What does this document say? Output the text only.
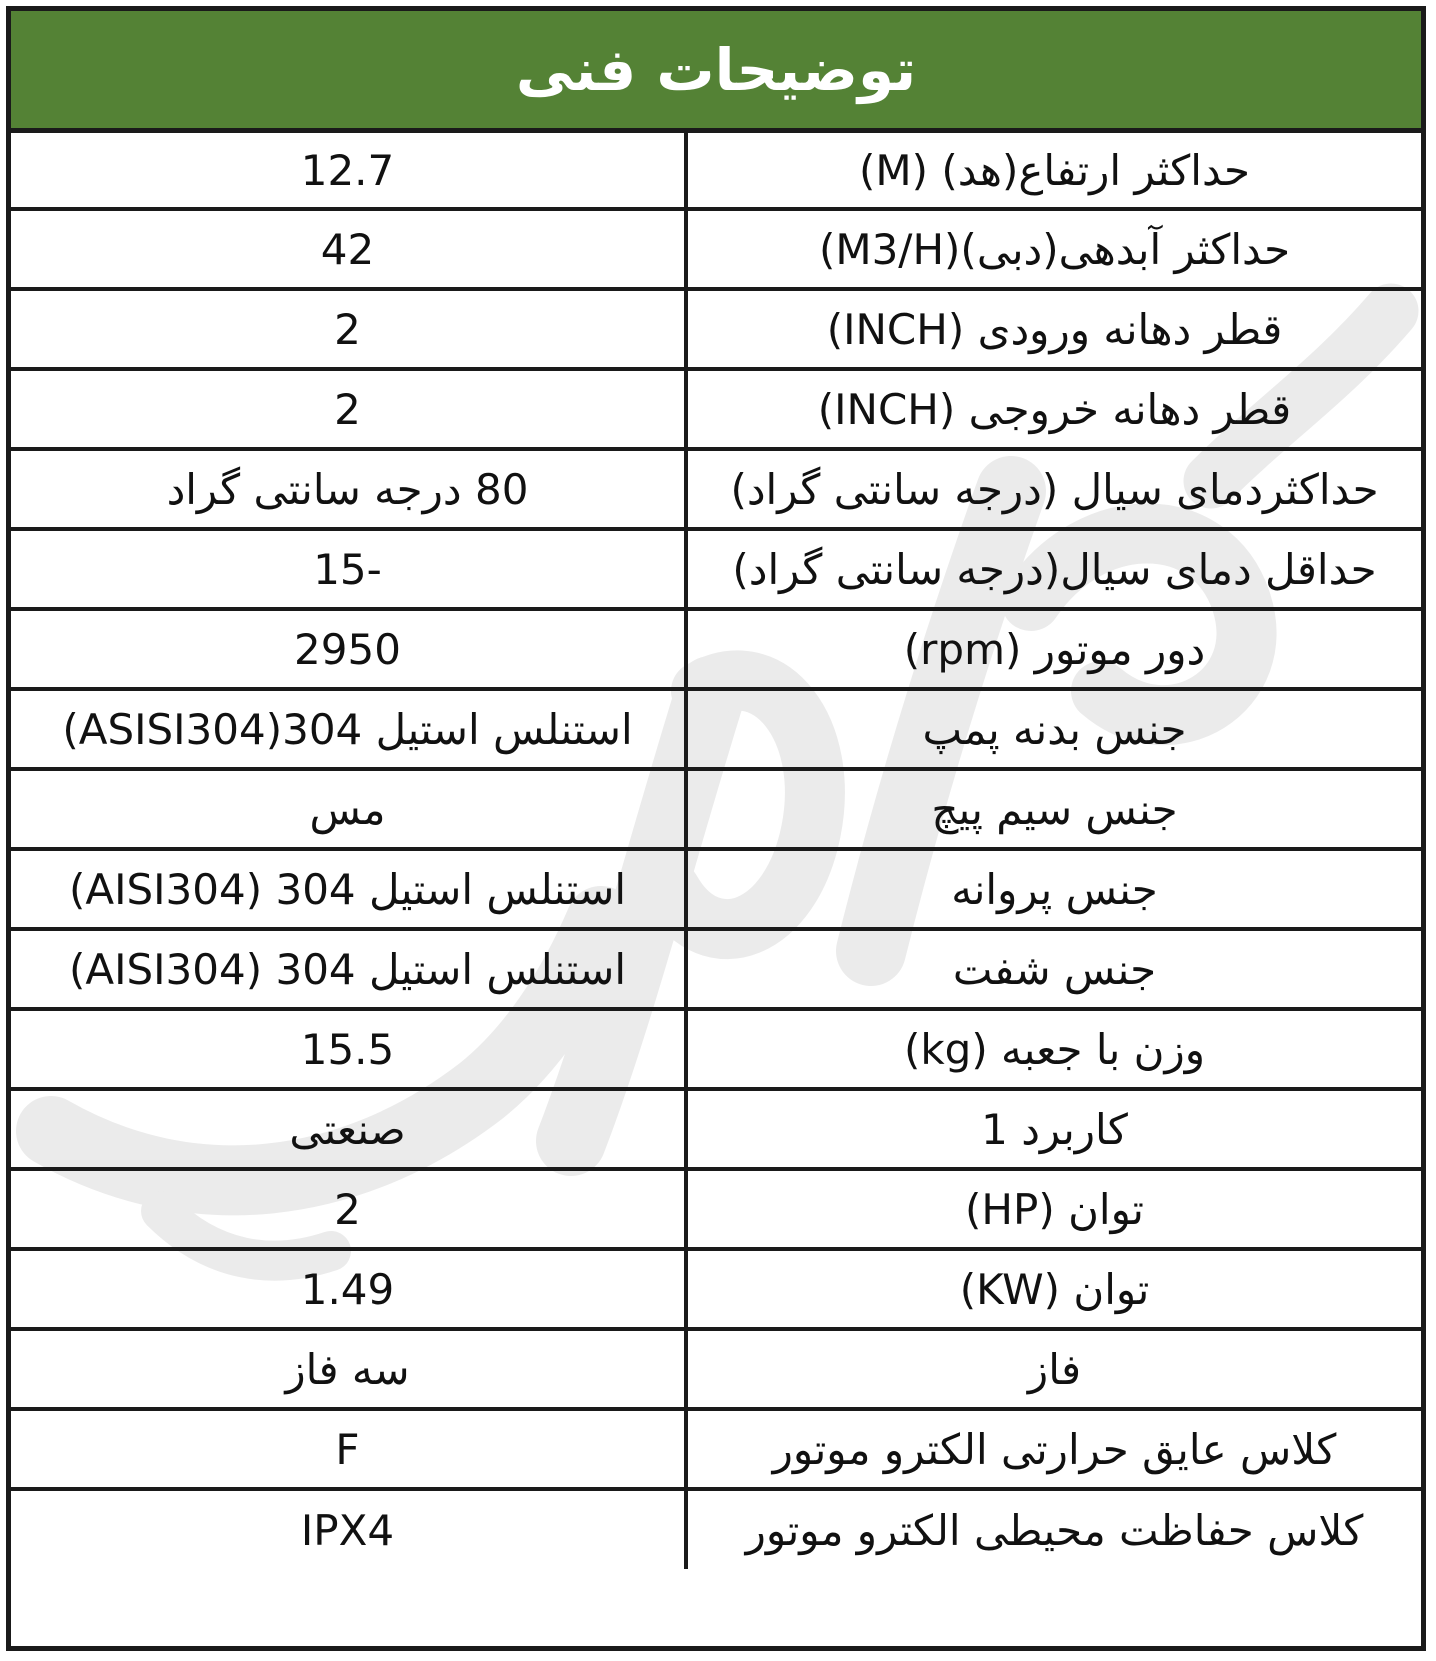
توضیحات فنی
12.7	حداکثر ارتفاع(هد) (M)
42	حداکثر آبدهی(دبی)(M3/H)
2	قطر دهانه ورودی (INCH)
2	قطر دهانه خروجی (INCH)
80 درجه سانتی گراد	حداکثردمای سیال (درجه سانتی گراد)
-15	حداقل دمای سیال(درجه سانتی گراد)
2950	دور موتور (rpm)
استنلس استیل 304(ASISI304)	جنس بدنه پمپ
مس	جنس سیم پیچ
استنلس استیل 304 (AISI304)	جنس پروانه
استنلس استیل 304 (AISI304)	جنس شفت
15.5	وزن با جعبه (kg)
صنعتی	کاربرد 1
2	توان (HP)
1.49	توان (KW)
سه فاز	فاز
F	کلاس عایق حرارتی الکترو موتور
IPX4	کلاس حفاظت محیطی الکترو موتور
